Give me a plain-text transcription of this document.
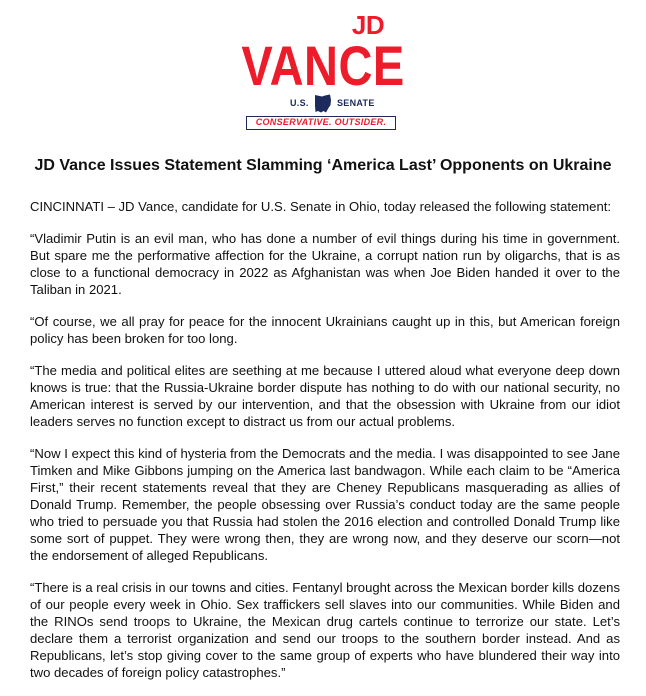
JD
VANCE
U.S.	SENATE
CONSERVATIVE. OUTSIDER.
JD Vance Issues Statement Slamming ‘America Last’ Opponents on Ukraine

CINCINNATI – JD Vance, candidate for U.S. Senate in Ohio, today released the following statement:

“Vladimir Putin is an evil man, who has done a number of evil things during his time in government. But spare me the performative affection for the Ukraine, a corrupt nation run by oligarchs, that is as close to a functional democracy in 2022 as Afghanistan was when Joe Biden handed it over to the Taliban in 2021.

“Of course, we all pray for peace for the innocent Ukrainians caught up in this, but American foreign policy has been broken for too long.

“The media and political elites are seething at me because I uttered aloud what everyone deep down knows is true: that the Russia-Ukraine border dispute has nothing to do with our national security, no American interest is served by our intervention, and that the obsession with Ukraine from our idiot leaders serves no function except to distract us from our actual problems.

“Now I expect this kind of hysteria from the Democrats and the media. I was disappointed to see Jane Timken and Mike Gibbons jumping on the America last bandwagon. While each claim to be “America First,” their recent statements reveal that they are Cheney Republicans masquerading as allies of Donald Trump. Remember, the people obsessing over Russia’s conduct today are the same people who tried to persuade you that Russia had stolen the 2016 election and controlled Donald Trump like some sort of puppet. They were wrong then, they are wrong now, and they deserve our scorn—not the endorsement of alleged Republicans.

“There is a real crisis in our towns and cities. Fentanyl brought across the Mexican border kills dozens of our people every week in Ohio. Sex traffickers sell slaves into our communities. While Biden and the RINOs send troops to Ukraine, the Mexican drug cartels continue to terrorize our state. Let’s declare them a terrorist organization and send our troops to the southern border instead. And as Republicans, let’s stop giving cover to the same group of experts who have blundered their way into two decades of foreign policy catastrophes.”
